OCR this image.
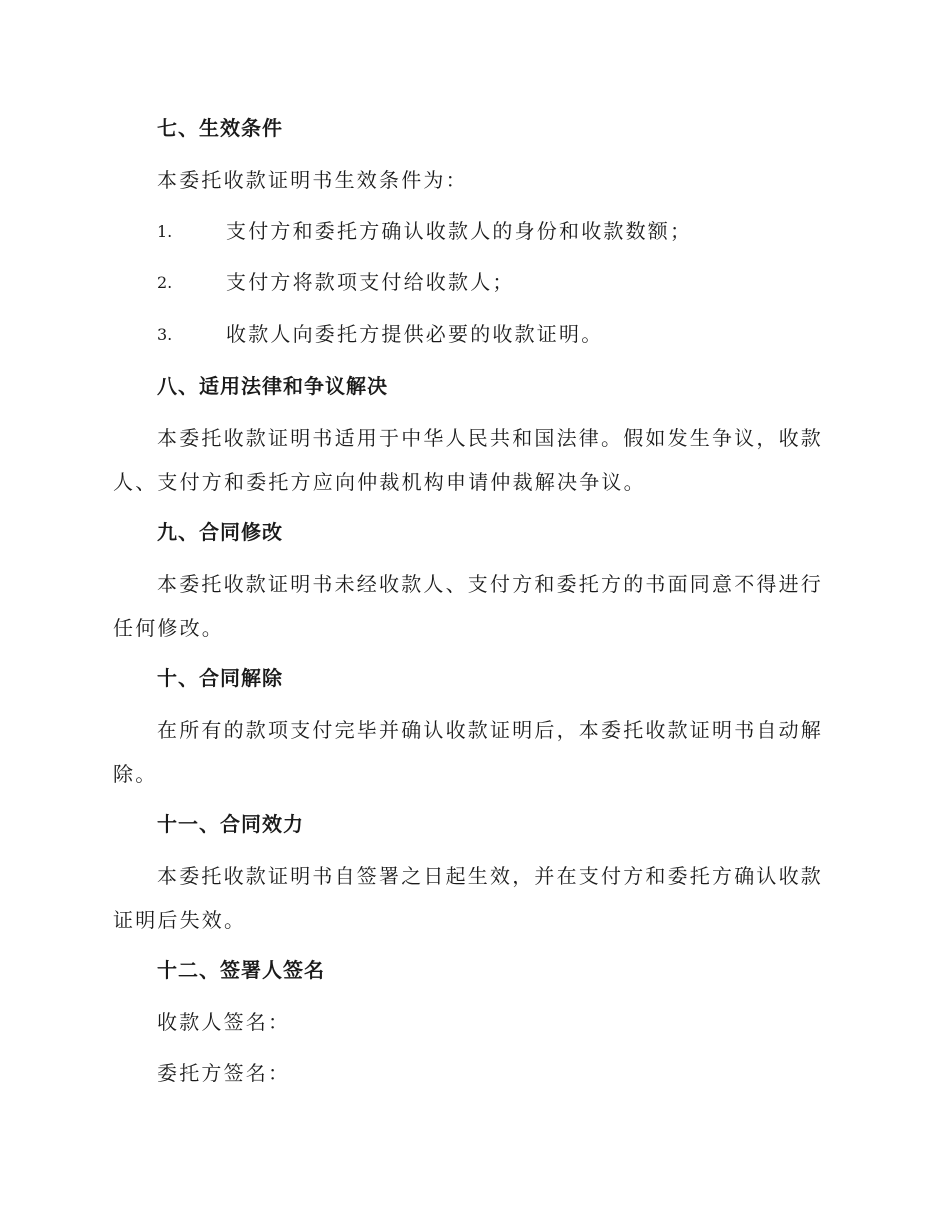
七、生效条件
本委托收款证明书生效条件为：
1.	支付方和委托方确认收款人的身份和收款数额；
2.	支付方将款项支付给收款人；
3.	收款人向委托方提供必要的收款证明。
八、适用法律和争议解决
本委托收款证明书适用于中华人民共和国法律。假如发生争议，收款人、支付方和委托方应向仲裁机构申请仲裁解决争议。
九、合同修改
本委托收款证明书未经收款人、支付方和委托方的书面同意不得进行任何修改。
十、合同解除
在所有的款项支付完毕并确认收款证明后，本委托收款证明书自动解除。
十一、合同效力
本委托收款证明书自签署之日起生效，并在支付方和委托方确认收款证明后失效。
十二、签署人签名
收款人签名：
委托方签名：
